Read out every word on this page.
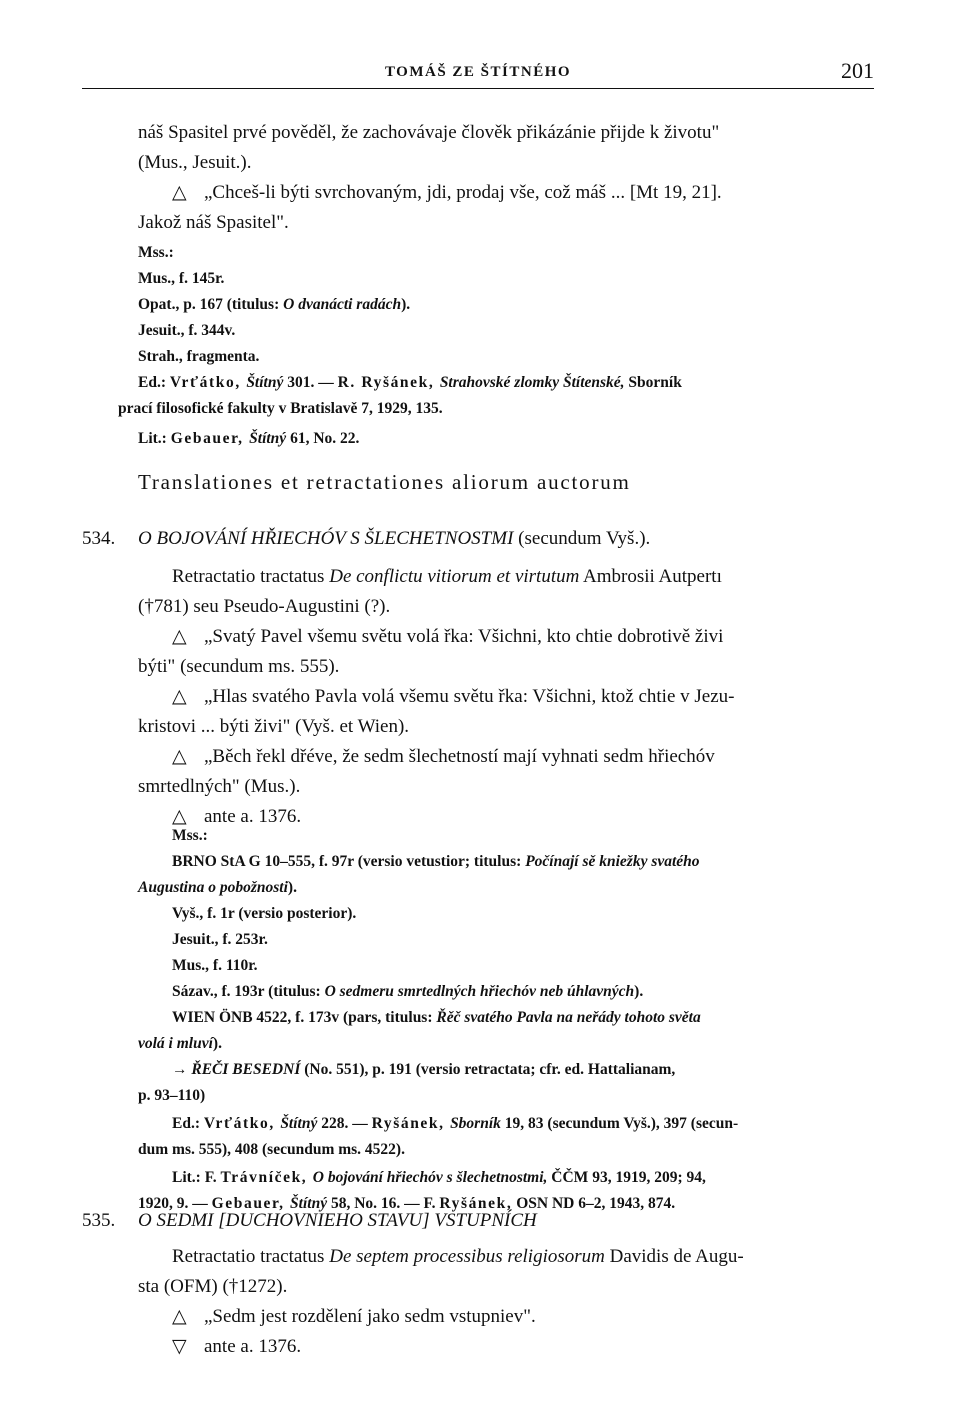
TOMÁŠ ZE ŠTÍTNÉHO	201

náš Spasitel prvé pověděl, že zachovávaje člověk přikázánie přijde k životu"

(Mus., Jesuit.).

△ „Chceš-li býti svrchovaným, jdi, prodaj vše, což máš ... [Mt 19, 21].

Jakož náš Spasitel".

Mss.:

Mus., f. 145r.

Opat., p. 167 (titulus: O dvanácti radách).

Jesuit., f. 344v.

Strah., fragmenta.

Ed.: Vrťátko, Štítný 301. — R. Ryšánek, Strahovské zlomky Štítenské, Sborník

prací filosofické fakulty v Bratislavě 7, 1929, 135.

Lit.: Gebauer, Štítný 61, No. 22.

Translationes et retractationes aliorum auctorum
534. O BOJOVÁNÍ HŘIECHÓV S ŠLECHETNOSTMI (secundum Vyš.).

Retractatio tractatus De conflictu vitiorum et virtutum Ambrosii Autpertı

(†781) seu Pseudo-Augustini (?).

△ „Svatý Pavel všemu světu volá řka: Všichni, kto chtie dobrotivě živi

býti" (secundum ms. 555).

△ „Hlas svatého Pavla volá všemu světu řka: Všichni, ktož chtie v Jezu-

kristovi ... býti živi" (Vyš. et Wien).

△ „Běch řekl dřéve, že sedm šlechetností mají vyhnati sedm hřiechóv

smrtedlných" (Mus.).

△ ante a. 1376.

Mss.:

BRNO StA G 10–555, f. 97r (versio vetustior; titulus: Počínají sě kniežky svatého

Augustina o pobožnosti).

Vyš., f. 1r (versio posterior).

Jesuit., f. 253r.

Mus., f. 110r.

Sázav., f. 193r (titulus: O sedmeru smrtedlných hřiechóv neb úhlavných).

WIEN ÖNB 4522, f. 173v (pars, titulus: Řěč svatého Pavla na neřády tohoto světa

volá i mluví).

→ ŘEČI BESEDNÍ (No. 551), p. 191 (versio retractata; cfr. ed. Hattalianam,

p. 93–110)

Ed.: Vrťátko, Štítný 228. — Ryšánek, Sborník 19, 83 (secundum Vyš.), 397 (secun-

dum ms. 555), 408 (secundum ms. 4522).

Lit.: F. Trávníček, O bojování hřiechóv s šlechetnostmi, ČČM 93, 1919, 209; 94,

1920, 9. — Gebauer, Štítný 58, No. 16. — F. Ryšánek, OSN ND 6–2, 1943, 874.

535. O SEDMI [DUCHOVNIEHO STAVU] VSTUPNÍCH

Retractatio tractatus De septem processibus religiosorum Davidis de Augu-

sta (OFM) (†1272).

△ „Sedm jest rozdělení jako sedm vstupniev".

▽ ante a. 1376.
